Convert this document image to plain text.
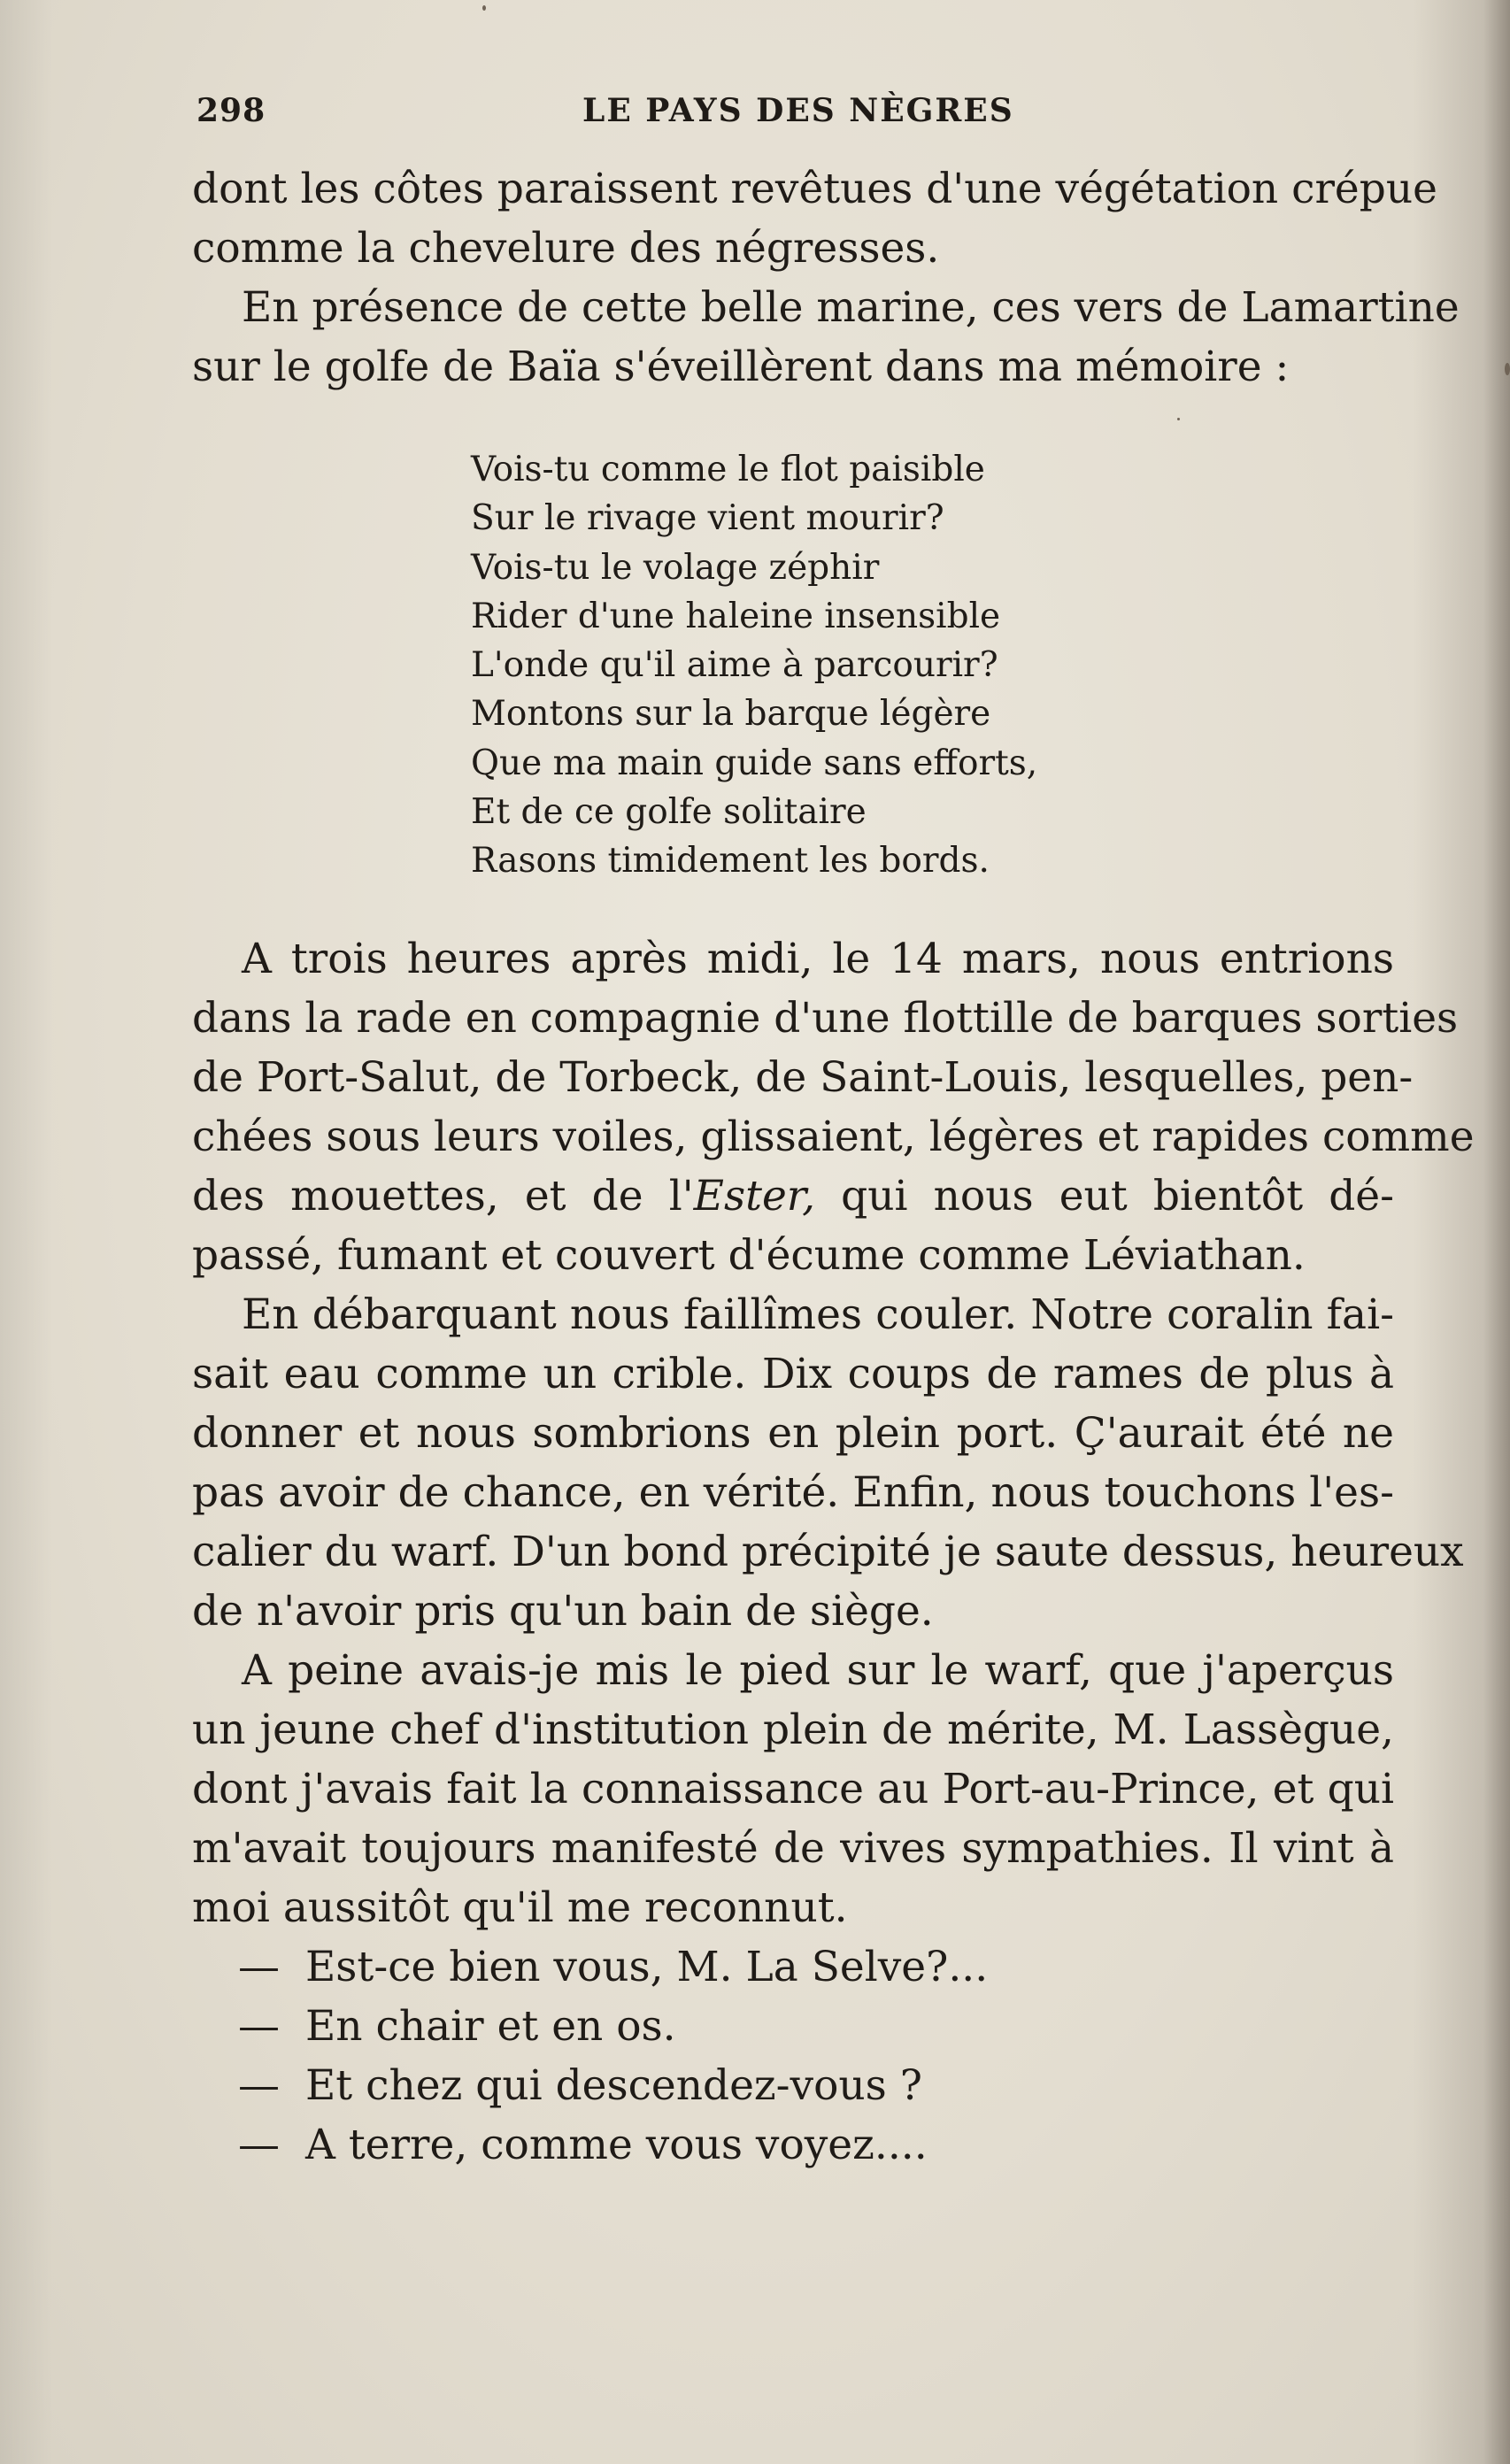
298	LE PAYS DES NÈGRES
dont les côtes paraissent revêtues d'une végétation crépue
comme la chevelure des négresses.
En présence de cette belle marine, ces vers de Lamartine
sur le golfe de Baïa s'éveillèrent dans ma mémoire :
Vois-tu comme le flot paisible
Sur le rivage vient mourir?
Vois-tu le volage zéphir
Rider d'une haleine insensible
L'onde qu'il aime à parcourir?
Montons sur la barque légère
Que ma main guide sans efforts,
Et de ce golfe solitaire
Rasons timidement les bords.
A trois heures après midi, le 14 mars, nous entrions
dans la rade en compagnie d'une flottille de barques sorties
de Port-Salut, de Torbeck, de Saint-Louis, lesquelles, pen-
chées sous leurs voiles, glissaient, légères et rapides comme
des mouettes, et de l'Ester, qui nous eut bientôt dé-
passé, fumant et couvert d'écume comme Léviathan.
En débarquant nous faillîmes couler. Notre coralin fai-
sait eau comme un crible. Dix coups de rames de plus à
donner et nous sombrions en plein port. Ç'aurait été ne
pas avoir de chance, en vérité. Enfin, nous touchons l'es-
calier du warf. D'un bond précipité je saute dessus, heureux
de n'avoir pris qu'un bain de siège.
A peine avais-je mis le pied sur le warf, que j'aperçus
un jeune chef d'institution plein de mérite, M. Lassègue,
dont j'avais fait la connaissance au Port-au-Prince, et qui
m'avait toujours manifesté de vives sympathies. Il vint à
moi aussitôt qu'il me reconnut.
— Est-ce bien vous, M. La Selve?...
— En chair et en os.
— Et chez qui descendez-vous ?
— A terre, comme vous voyez....
